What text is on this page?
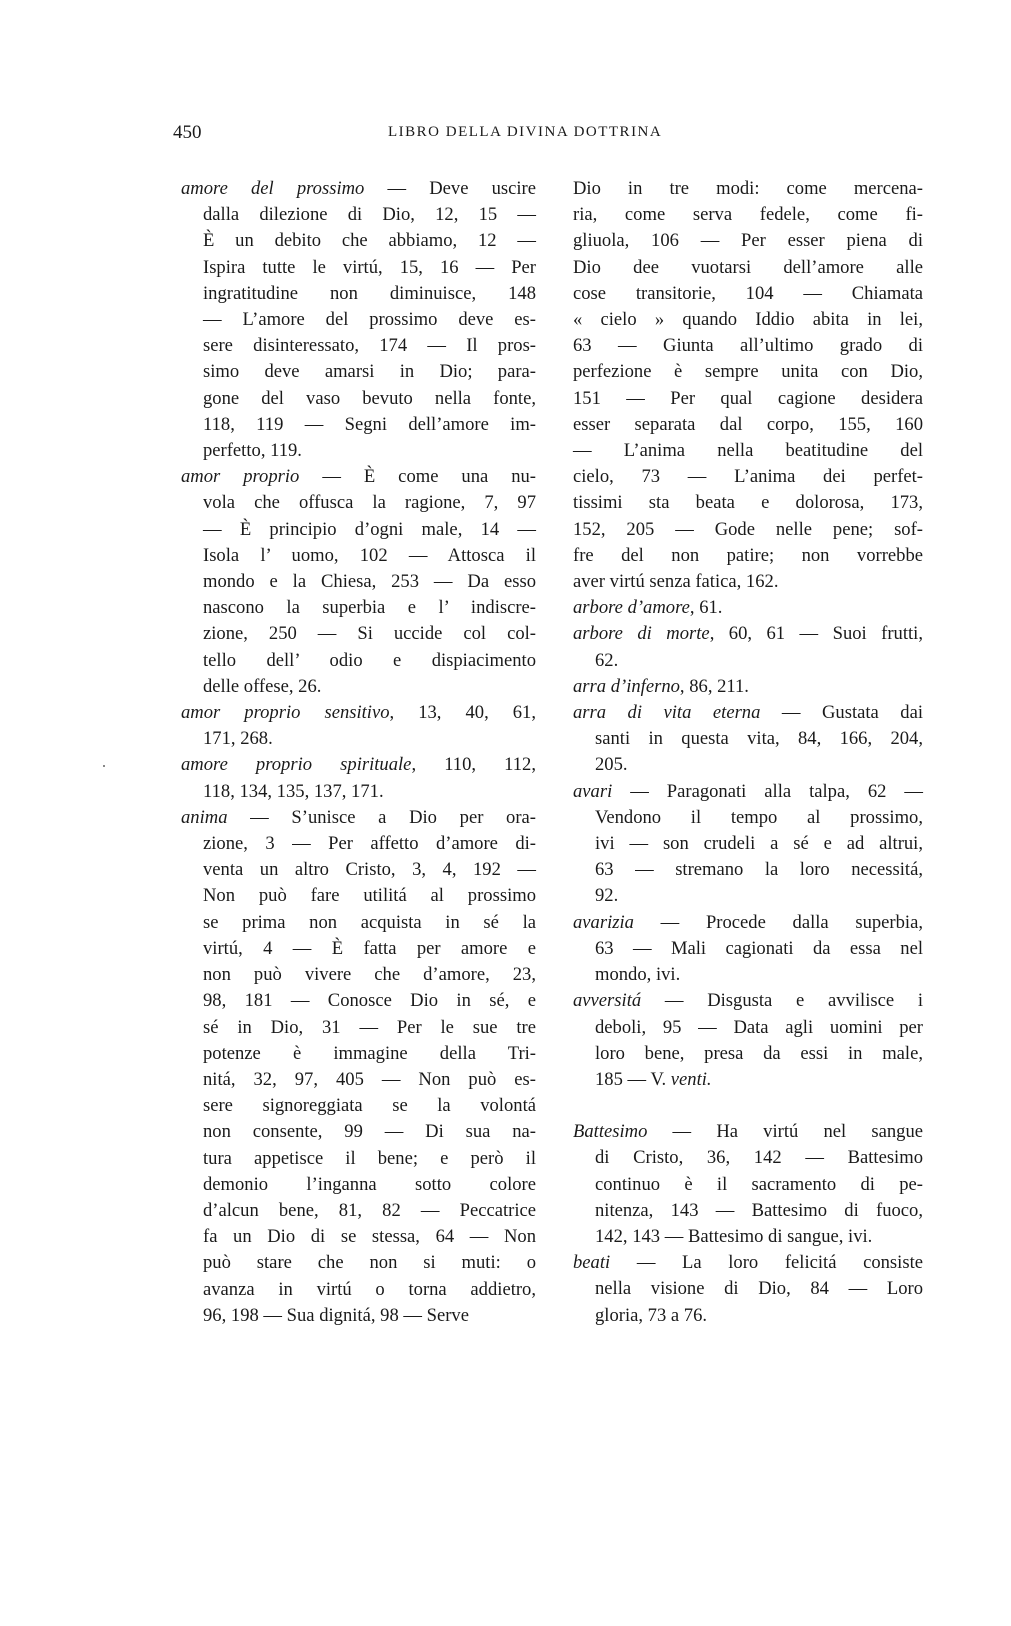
450	LIBRO DELLA DIVINA DOTTRINA
amore del prossimo — Deve uscire
dalla dilezione di Dio, 12, 15 —
È un debito che abbiamo, 12 —
Ispira tutte le virtú, 15, 16 — Per
ingratitudine non diminuisce, 148
— L’amore del prossimo deve es-
sere disinteressato, 174 — Il pros-
simo deve amarsi in Dio; para-
gone del vaso bevuto nella fonte,
118, 119 — Segni dell’amore im-
perfetto, 119.
amor proprio — È come una nu-
vola che offusca la ragione, 7, 97
— È principio d’ogni male, 14 —
Isola l’ uomo, 102 — Attosca il
mondo e la Chiesa, 253 — Da esso
nascono la superbia e l’ indiscre-
zione, 250 — Si uccide col col-
tello dell’ odio e dispiacimento
delle offese, 26.
amor proprio sensitivo, 13, 40, 61,
171, 268.
amore proprio spirituale, 110, 112,
118, 134, 135, 137, 171.
anima — S’unisce a Dio per ora-
zione, 3 — Per affetto d’amore di-
venta un altro Cristo, 3, 4, 192 —
Non può fare utilitá al prossimo
se prima non acquista in sé la
virtú, 4 — È fatta per amore e
non può vivere che d’amore, 23,
98, 181 — Conosce Dio in sé, e
sé in Dio, 31 — Per le sue tre
potenze è immagine della Tri-
nitá, 32, 97, 405 — Non può es-
sere signoreggiata se la volontá
non consente, 99 — Di sua na-
tura appetisce il bene; e però il
demonio l’inganna sotto colore
d’alcun bene, 81, 82 — Peccatrice
fa un Dio di se stessa, 64 — Non
può stare che non si muti: o
avanza in virtú o torna addietro,
96, 198 — Sua dignitá, 98 — Serve
Dio in tre modi: come mercena-
ria, come serva fedele, come fi-
gliuola, 106 — Per esser piena di
Dio dee vuotarsi dell’amore alle
cose transitorie, 104 — Chiamata
« cielo » quando Iddio abita in lei,
63 — Giunta all’ultimo grado di
perfezione è sempre unita con Dio,
151 — Per qual cagione desidera
esser separata dal corpo, 155, 160
— L’anima nella beatitudine del
cielo, 73 — L’anima dei perfet-
tissimi sta beata e dolorosa, 173,
152, 205 — Gode nelle pene; sof-
fre del non patire; non vorrebbe
aver virtú senza fatica, 162.
arbore d’amore, 61.
arbore di morte, 60, 61 — Suoi frutti,
62.
arra d’inferno, 86, 211.
arra di vita eterna — Gustata dai
santi in questa vita, 84, 166, 204,
205.
avari — Paragonati alla talpa, 62 —
Vendono il tempo al prossimo,
ivi — son crudeli a sé e ad altrui,
63 — stremano la loro necessitá,
92.
avarizia — Procede dalla superbia,
63 — Mali cagionati da essa nel
mondo, ivi.
avversitá — Disgusta e avvilisce i
deboli, 95 — Data agli uomini per
loro bene, presa da essi in male,
185 — V. venti.
Battesimo — Ha virtú nel sangue
di Cristo, 36, 142 — Battesimo
continuo è il sacramento di pe-
nitenza, 143 — Battesimo di fuoco,
142, 143 — Battesimo di sangue, ivi.
beati — La loro felicitá consiste
nella visione di Dio, 84 — Loro
gloria, 73 a 76.
